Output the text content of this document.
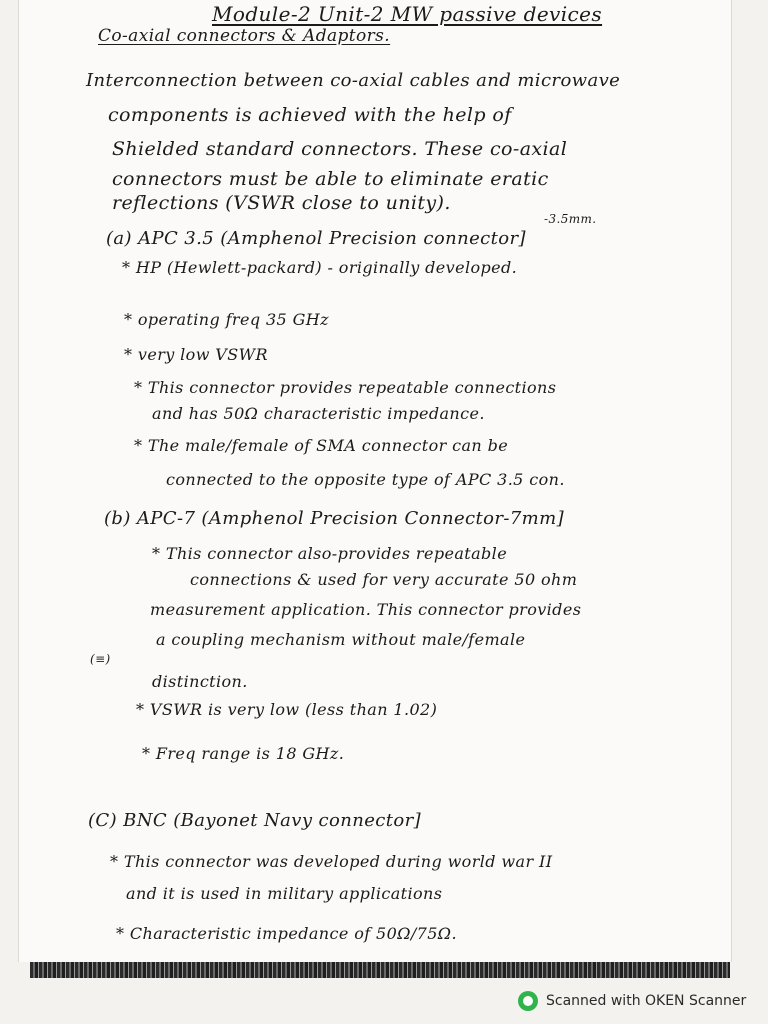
Module-2 Unit-2 MW passive devices
Co-axial connectors & Adaptors.
Interconnection between co-axial cables and microwave
components is achieved with the help of
Shielded standard connectors. These co-axial
connectors must be able to eliminate eratic
reflections (VSWR close to unity).
-3.5mm.
(a) APC 3.5 (Amphenol Precision connector]
* HP (Hewlett-packard) - originally developed.
* operating freq 35 GHz
* very low VSWR
* This connector provides repeatable connections
and has 50Ω characteristic impedance.
* The male/female of SMA connector can be
connected to the opposite type of APC 3.5 con.
(b) APC-7 (Amphenol Precision Connector-7mm]
* This connector also-provides repeatable
connections & used for very accurate 50 ohm
measurement application. This connector provides
(≡)
a coupling mechanism without male/female
distinction.
* VSWR is very low (less than 1.02)
* Freq range is 18 GHz.
(C) BNC (Bayonet Navy connector]
* This connector was developed during world war II
and it is used in military applications
* Characteristic impedance of 50Ω/75Ω.
Scanned with OKEN Scanner
